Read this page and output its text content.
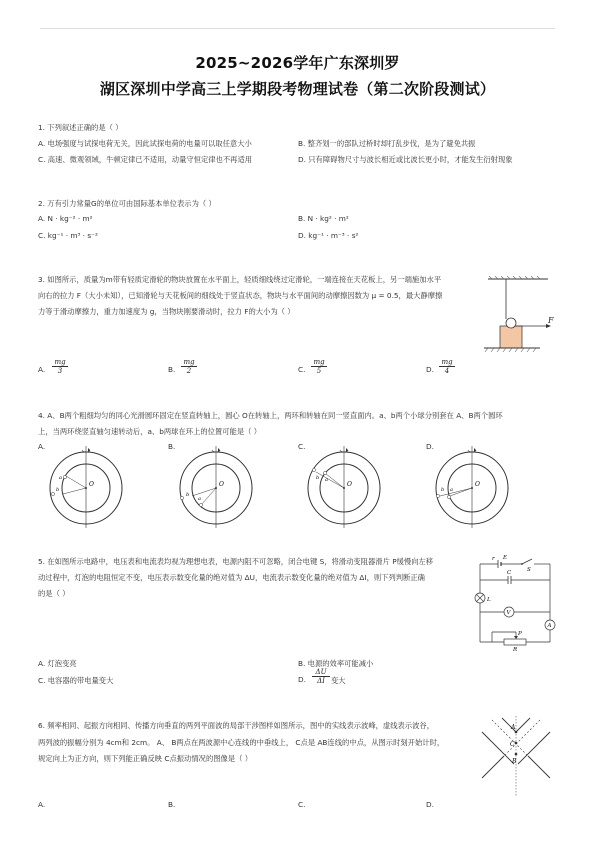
2025~2026学年广东深圳罗
湖区深圳中学高三上学期段考物理试卷（第二次阶段测试）
1. 下列叙述正确的是（ ）
A. 电场强度与试探电荷无关，因此试探电荷的电量可以取任意大小	B. 整齐划一的部队过桥时却打乱步伐，是为了避免共振
C. 高速、微观领域，牛顿定律已不适用，动量守恒定律也不再适用	D. 只有障碍物尺寸与波长相近或比波长更小时，才能发生衍射现象
2. 万有引力常量G的单位可由国际基本单位表示为（ ）
A. N · kg⁻² · m²	B. N · kg² · m²
C. kg⁻¹ · m³ · s⁻²	D. kg⁻¹ · m⁻³ · s²
3. 如图所示，质量为m带有轻质定滑轮的物块放置在水平面上，轻质细线绕过定滑轮，一端连接在天花板上，另一端施加水平
向右的拉力 F（大小未知），已知滑轮与天花板间的细线处于竖直状态，物块与水平面间的动摩擦因数为 μ = 0.5，最大静摩擦
力等于滑动摩擦力，重力加速度为 g，当物块刚要滑动时，拉力 F的大小为（ ）
F
A.
mg
3	B.
mg
2	C.
mg
5	D.
mg
4
4. A、B两个粗细均匀的同心光滑圆环固定在竖直转轴上，圆心 O在转轴上，两环和转轴在同一竖直面内。a、b两个小球分别套在 A、B两个圆环
上，当两环绕竖直轴匀速转动后，a、b两球在环上的位置可能是（ ）
A.	B.	C.	D.
O
a
b
O
a
b
O
a
b
O
a
b
5. 在如图所示电路中，电压表和电流表均视为理想电表，电源内阻不可忽略，闭合电键 S，将滑动变阻器滑片 P缓慢向左移
动过程中，灯泡的电阻恒定不变，电压表示数变化量的绝对值为 ΔU，电流表示数变化量的绝对值为 ΔI，则下列判断正确
的是（ ）
r E
S
C
L
V
A
P
R
A. 灯泡变亮	B. 电源的效率可能减小
C. 电容器的带电量变大	D.
ΔU
ΔI 变大
6. 频率相同、起振方向相同、传播方向垂直的两列平面波的局部干涉图样如图所示，图中的实线表示波峰，虚线表示波谷，
两列波的振幅分别为 4cm和 2cm。 A、 B两点在两波源中心连线的中垂线上， C点是 AB连线的中点，从图示时刻开始计时，
规定向上为正方向，则下列能正确反映 C点振动情况的图像是（ ）
A
B
C
A.	B.	C.	D.
